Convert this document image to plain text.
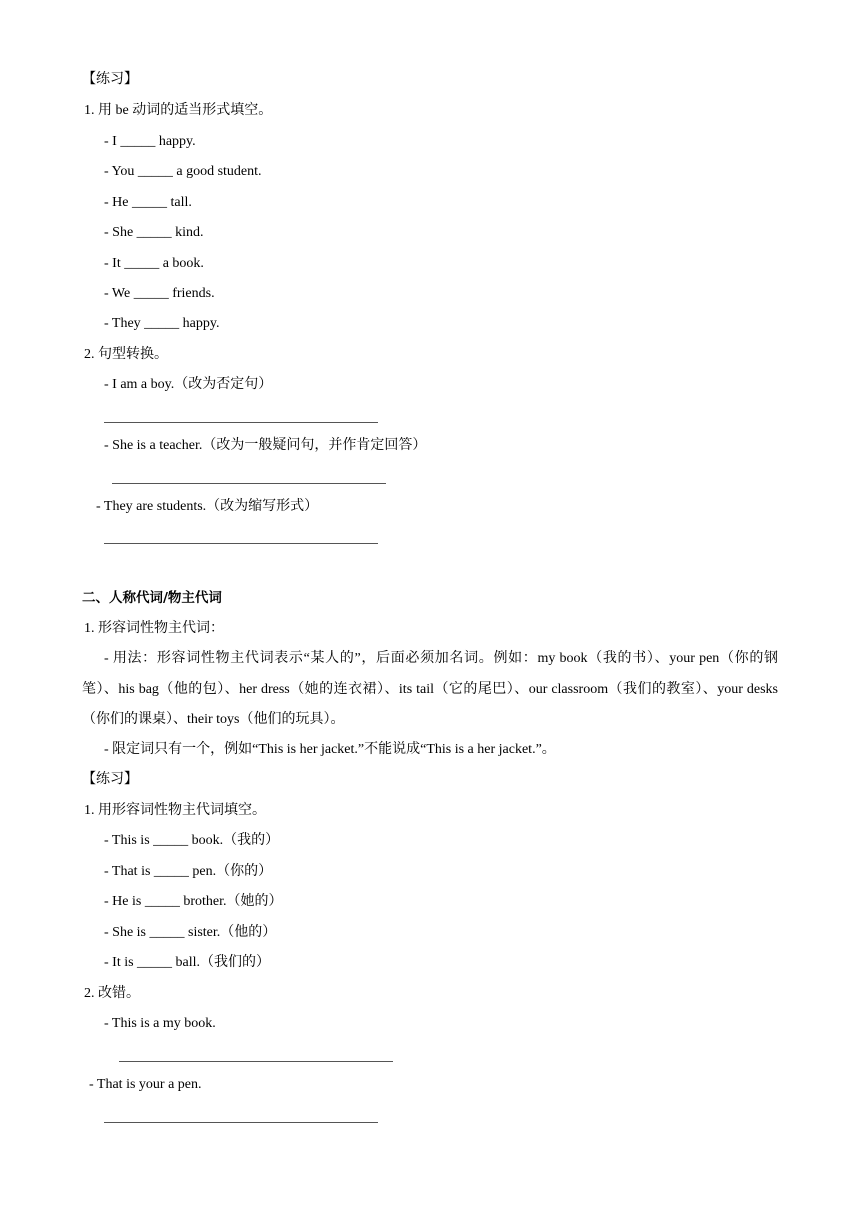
【练习】
1. 用 be 动词的适当形式填空。
- I _____ happy.
- You _____ a good student.
- He _____ tall.
- She _____ kind.
- It _____ a book.
- We _____ friends.
- They _____ happy.
2. 句型转换。
- I am a boy.（改为否定句）
- She is a teacher.（改为一般疑问句，并作肯定回答）
- They are students.（改为缩写形式）
二、人称代词/物主代词
1. 形容词性物主代词：
- 用法：形容词性物主代词表示“某人的”，后面必须加名词。例如：my book（我的书）、your pen（你的钢笔）、his bag（他的包）、her dress（她的连衣裙）、its tail（它的尾巴）、our classroom（我们的教室）、your desks（你们的课桌）、their toys（他们的玩具）。
- 限定词只有一个，例如“This is her jacket.”不能说成“This is a her jacket.”。
【练习】
1. 用形容词性物主代词填空。
- This is _____ book.（我的）
- That is _____ pen.（你的）
- He is _____ brother.（她的）
- She is _____ sister.（他的）
- It is _____ ball.（我们的）
2. 改错。
- This is a my book.
- That is your a pen.
